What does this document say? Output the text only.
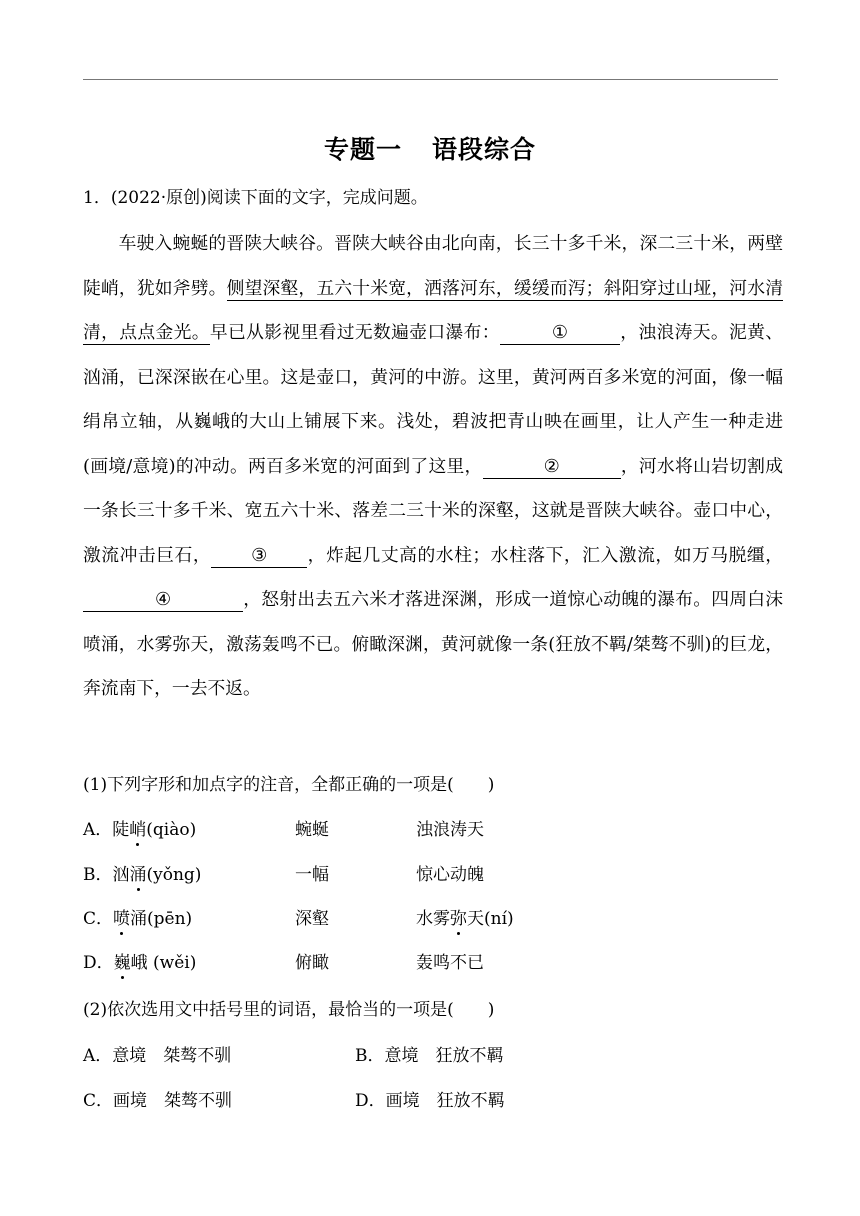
专题一 语段综合
1．(2022·原创)阅读下面的文字，完成问题。
车驶入蜿蜒的晋陕大峡谷。晋陕大峡谷由北向南，长三十多千米，深二三十米，两壁陡峭，犹如斧劈。侧望深壑，五六十米宽，洒落河东，缓缓而泻；斜阳穿过山垭，河水清清，点点金光。早已从影视里看过无数遍壶口瀑布：	①	，浊浪涛天。泥黄、汹涌，已深深嵌在心里。这是壶口，黄河的中游。这里，黄河两百多米宽的河面，像一幅绢帛立轴，从巍峨的大山上铺展下来。浅处，碧波把青山映在画里，让人产生一种走进(画境/意境)的冲动。两百多米宽的河面到了这里，	②	，河水将山岩切割成一条长三十多千米、宽五六十米、落差二三十米的深壑，这就是晋陕大峡谷。壶口中心，激流冲击巨石， ③ ，炸起几丈高的水柱；水柱落下，汇入激流，如万马脱缰，④	，怒射出去五六米才落进深渊，形成一道惊心动魄的瀑布。四周白沫喷涌，水雾弥天，激荡轰鸣不已。俯瞰深渊，黄河就像一条(狂放不羁/桀骜不驯)的巨龙，奔流南下，一去不返。
(1)下列字形和加点字的注音，全都正确的一项是(　　)
A．陡峭(qiào)	蜿蜒	浊浪涛天
B．汹涌(yǒng)	一幅	惊心动魄
C．喷涌(pēn)	深壑	水雾弥天(ní)
D．巍峨 (wěi)	俯瞰	轰鸣不已
(2)依次选用文中括号里的词语，最恰当的一项是(　　)
A．意境　桀骜不驯	B．意境　狂放不羁
C．画境　桀骜不驯	D．画境　狂放不羁
